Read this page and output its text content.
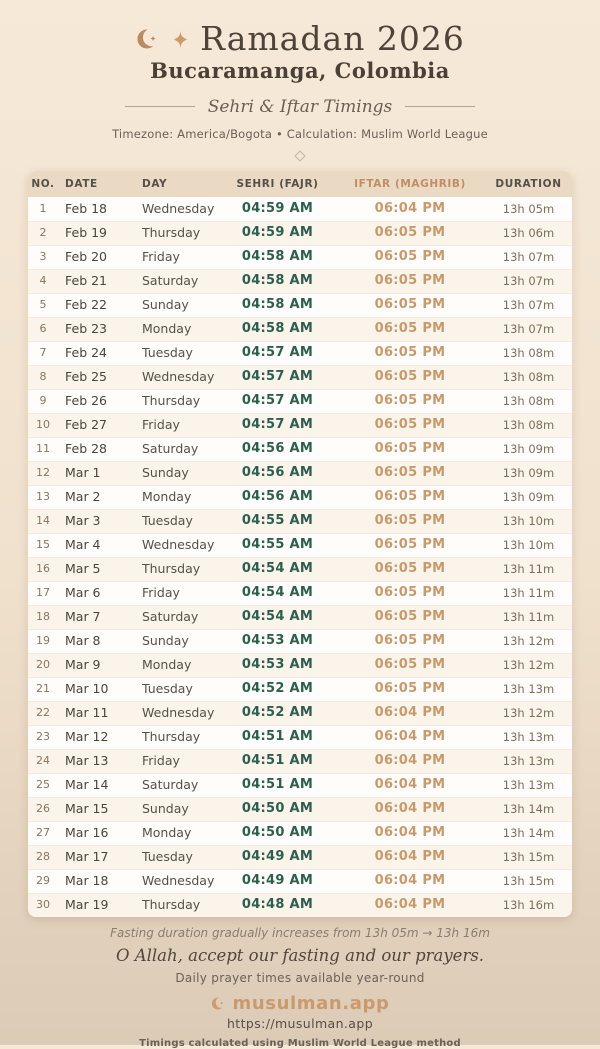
Ramadan 2026
Bucaramanga, Colombia
Sehri & Iftar Timings
Timezone: America/Bogota • Calculation: Muslim World League
NO. DATE	DAY	SEHRI (FAJR)	IFTAR (MAGHRIB)	DURATION
1	Feb 18	Wednesday	04:59 AM	06:04 PM	13h 05m
2	Feb 19	Thursday	04:59 AM	06:05 PM	13h 06m
3	Feb 20	Friday	04:58 AM	06:05 PM	13h 07m
4	Feb 21	Saturday	04:58 AM	06:05 PM	13h 07m
5	Feb 22	Sunday	04:58 AM	06:05 PM	13h 07m
6	Feb 23	Monday	04:58 AM	06:05 PM	13h 07m
7	Feb 24	Tuesday	04:57 AM	06:05 PM	13h 08m
8	Feb 25	Wednesday	04:57 AM	06:05 PM	13h 08m
9	Feb 26	Thursday	04:57 AM	06:05 PM	13h 08m
10	Feb 27	Friday	04:57 AM	06:05 PM	13h 08m
11	Feb 28	Saturday	04:56 AM	06:05 PM	13h 09m
12	Mar 1	Sunday	04:56 AM	06:05 PM	13h 09m
13	Mar 2	Monday	04:56 AM	06:05 PM	13h 09m
14	Mar 3	Tuesday	04:55 AM	06:05 PM	13h 10m
15	Mar 4	Wednesday	04:55 AM	06:05 PM	13h 10m
16	Mar 5	Thursday	04:54 AM	06:05 PM	13h 11m
17	Mar 6	Friday	04:54 AM	06:05 PM	13h 11m
18	Mar 7	Saturday	04:54 AM	06:05 PM	13h 11m
19	Mar 8	Sunday	04:53 AM	06:05 PM	13h 12m
20	Mar 9	Monday	04:53 AM	06:05 PM	13h 12m
21	Mar 10	Tuesday	04:52 AM	06:05 PM	13h 13m
22	Mar 11	Wednesday	04:52 AM	06:04 PM	13h 12m
23	Mar 12	Thursday	04:51 AM	06:04 PM	13h 13m
24	Mar 13	Friday	04:51 AM	06:04 PM	13h 13m
25	Mar 14	Saturday	04:51 AM	06:04 PM	13h 13m
26	Mar 15	Sunday	04:50 AM	06:04 PM	13h 14m
27	Mar 16	Monday	04:50 AM	06:04 PM	13h 14m
28	Mar 17	Tuesday	04:49 AM	06:04 PM	13h 15m
29	Mar 18	Wednesday	04:49 AM	06:04 PM	13h 15m
30	Mar 19	Thursday	04:48 AM	06:04 PM	13h 16m
Fasting duration gradually increases from 13h 05m → 13h 16m
O Allah, accept our fasting and our prayers.
Daily prayer times available year-round
musulman.app
https://musulman.app
Timings calculated using Muslim World League method
